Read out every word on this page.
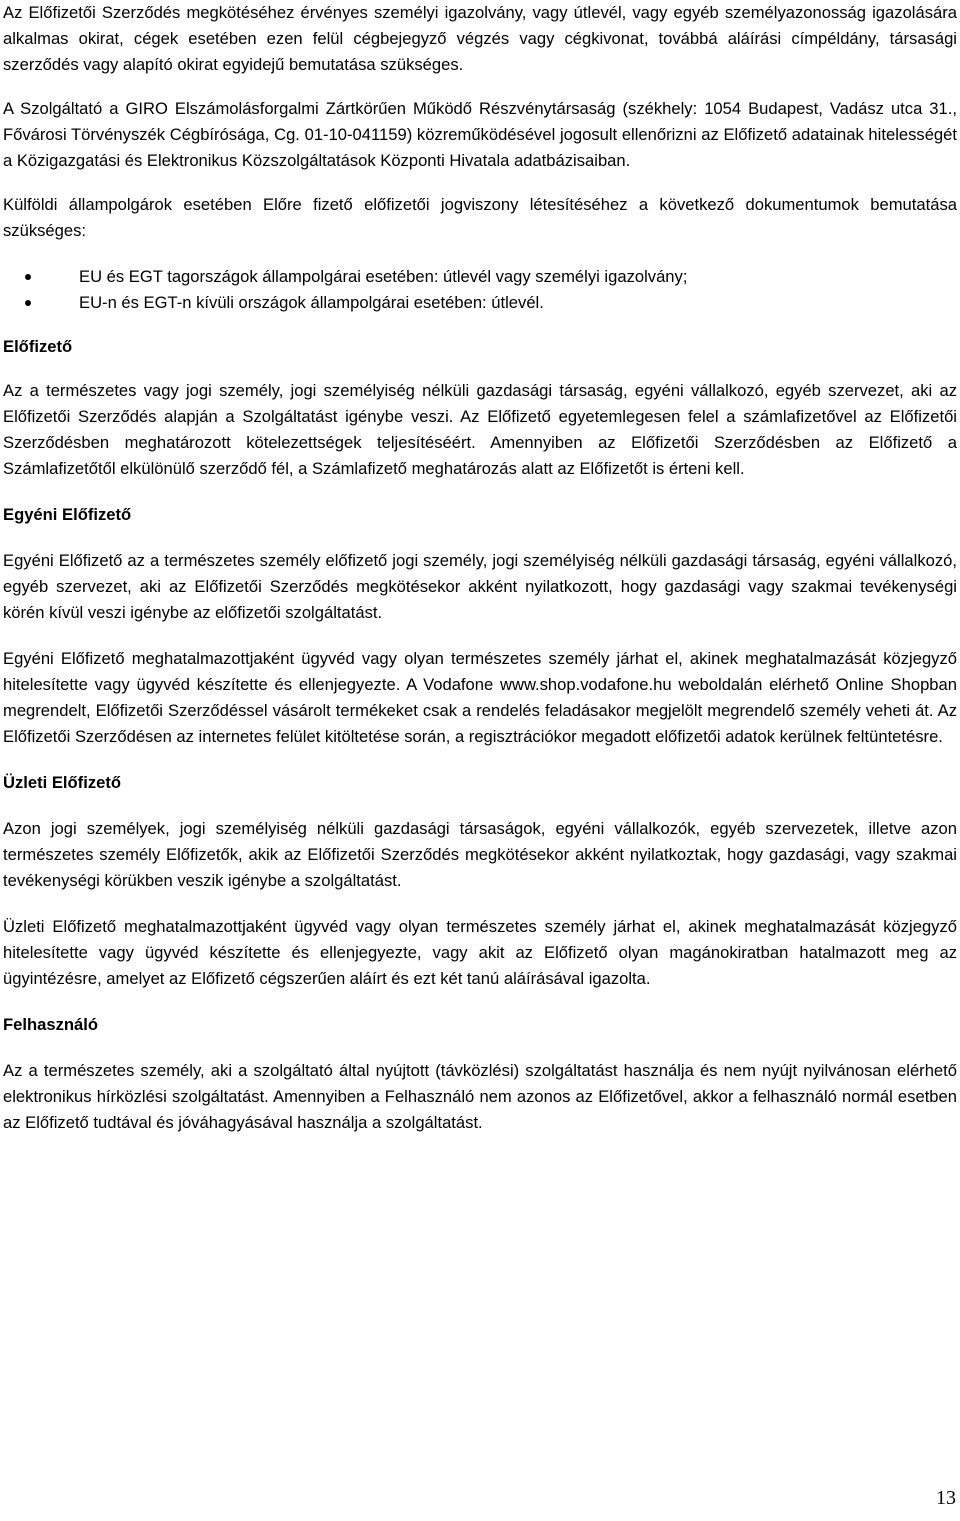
Az Előfizetői Szerződés megkötéséhez érvényes személyi igazolvány, vagy útlevél, vagy egyéb személyazonosság igazolására alkalmas okirat, cégek esetében ezen felül cégbejegyző végzés vagy cégkivonat, továbbá aláírási címpéldány, társasági szerződés vagy alapító okirat egyidejű bemutatása szükséges.

A Szolgáltató a GIRO Elszámolásforgalmi Zártkörűen Működő Részvénytársaság (székhely: 1054 Budapest, Vadász utca 31., Fővárosi Törvényszék Cégbírósága, Cg. 01-10-041159) közreműködésével jogosult ellenőrizni az Előfizető adatainak hitelességét a Közigazgatási és Elektronikus Közszolgáltatások Központi Hivatala adatbázisaiban.

Külföldi állampolgárok esetében Előre fizető előfizetői jogviszony létesítéséhez a következő dokumentumok bemutatása szükséges:

EU és EGT tagországok állampolgárai esetében: útlevél vagy személyi igazolvány;
EU-n és EGT-n kívüli országok állampolgárai esetében: útlevél.

Előfizető

Az a természetes vagy jogi személy, jogi személyiség nélküli gazdasági társaság, egyéni vállalkozó, egyéb szervezet, aki az Előfizetői Szerződés alapján a Szolgáltatást igénybe veszi. Az Előfizető egyetemlegesen felel a számlafizetővel az Előfizetői Szerződésben meghatározott kötelezettségek teljesítéséért. Amennyiben az Előfizetői Szerződésben az Előfizető a Számlafizetőtől elkülönülő szerződő fél, a Számlafizető meghatározás alatt az Előfizetőt is érteni kell.

Egyéni Előfizető

Egyéni Előfizető az a természetes személy előfizető jogi személy, jogi személyiség nélküli gazdasági társaság, egyéni vállalkozó, egyéb szervezet, aki az Előfizetői Szerződés megkötésekor akként nyilatkozott, hogy gazdasági vagy szakmai tevékenységi körén kívül veszi igénybe az előfizetői szolgáltatást.

Egyéni Előfizető meghatalmazottjaként ügyvéd vagy olyan természetes személy járhat el, akinek meghatalmazását közjegyző hitelesítette vagy ügyvéd készítette és ellenjegyezte. A Vodafone www.shop.vodafone.hu weboldalán elérhető Online Shopban megrendelt, Előfizetői Szerződéssel vásárolt termékeket csak a rendelés feladásakor megjelölt megrendelő személy veheti át. Az Előfizetői Szerződésen az internetes felület kitöltetése során, a regisztrációkor megadott előfizetői adatok kerülnek feltüntetésre.

Üzleti Előfizető

Azon jogi személyek, jogi személyiség nélküli gazdasági társaságok, egyéni vállalkozók, egyéb szervezetek, illetve azon természetes személy Előfizetők, akik az Előfizetői Szerződés megkötésekor akként nyilatkoztak, hogy gazdasági, vagy szakmai tevékenységi körükben veszik igénybe a szolgáltatást.

Üzleti Előfizető meghatalmazottjaként ügyvéd vagy olyan természetes személy járhat el, akinek meghatalmazását közjegyző hitelesítette vagy ügyvéd készítette és ellenjegyezte, vagy akit az Előfizető olyan magánokiratban hatalmazott meg az ügyintézésre, amelyet az Előfizető cégszerűen aláírt és ezt két tanú aláírásával igazolta.

Felhasználó

Az a természetes személy, aki a szolgáltató által nyújtott (távközlési) szolgáltatást használja és nem nyújt nyilvánosan elérhető elektronikus hírközlési szolgáltatást. Amennyiben a Felhasználó nem azonos az Előfizetővel, akkor a felhasználó normál esetben az Előfizető tudtával és jóváhagyásával használja a szolgáltatást.

13
